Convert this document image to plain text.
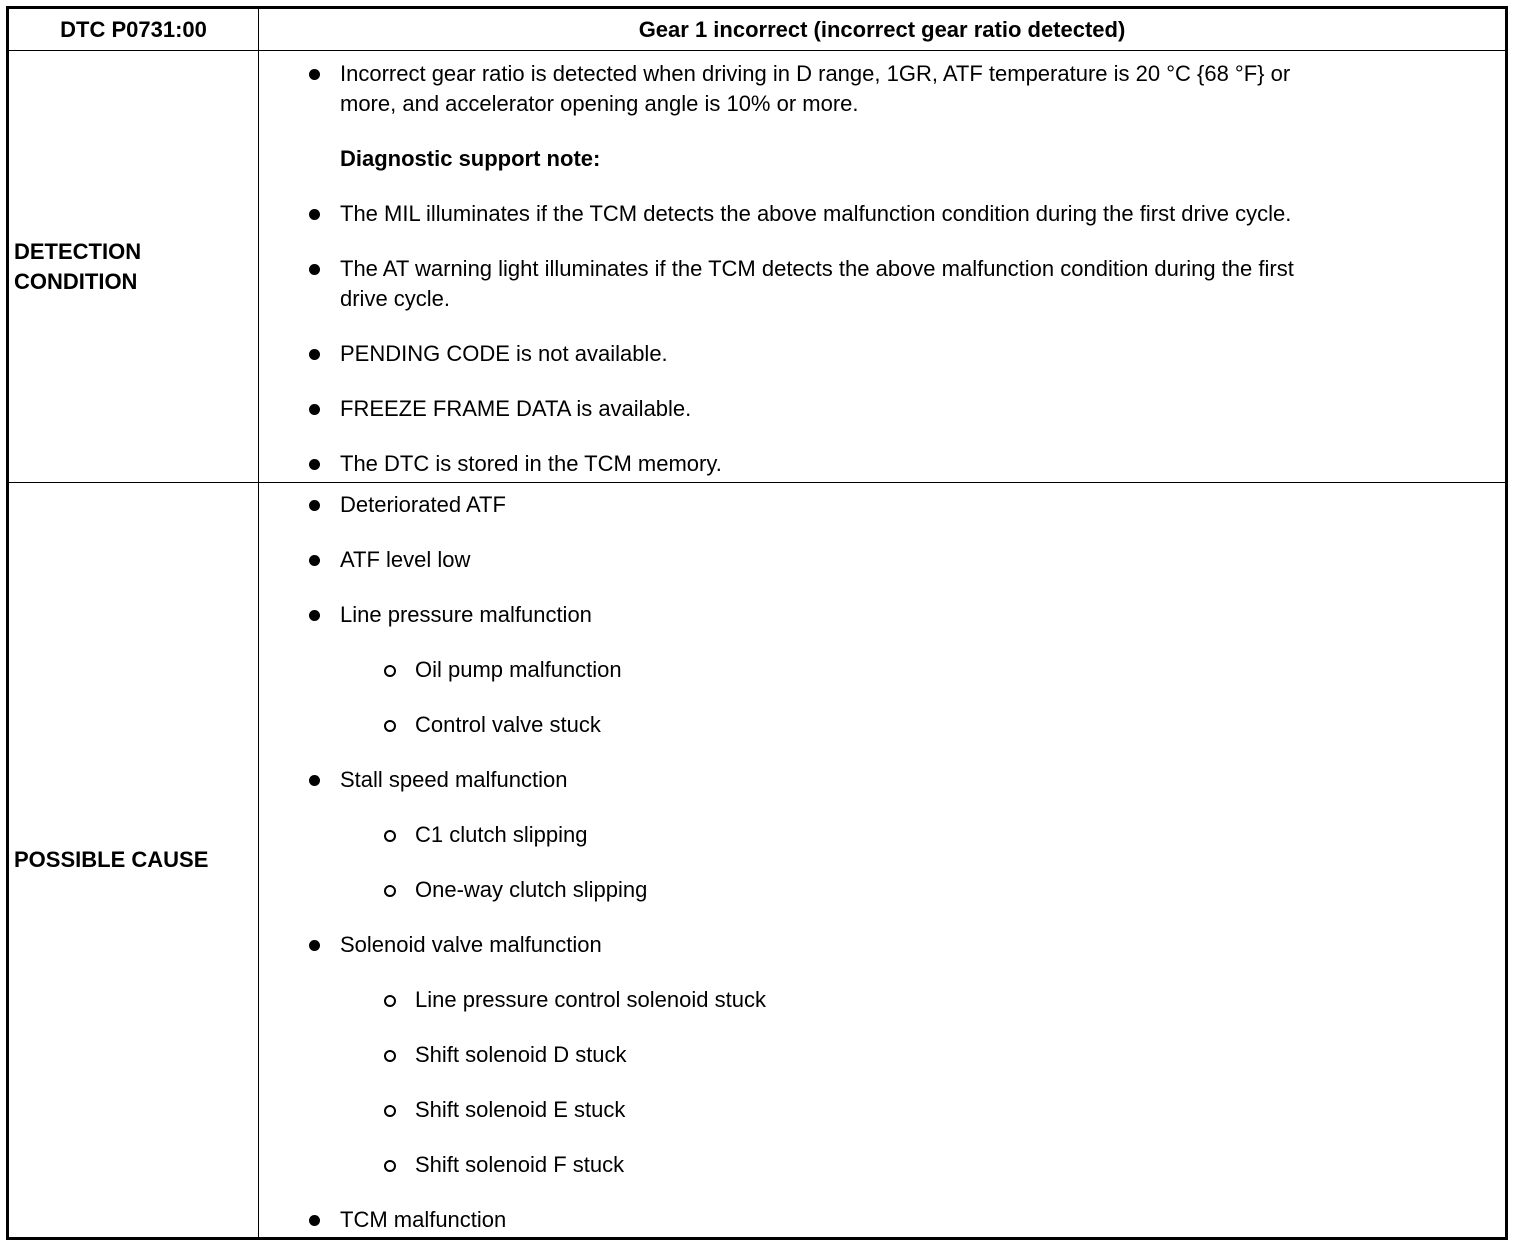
DTC P0731:00	Gear 1 incorrect (incorrect gear ratio detected)
DETECTION
CONDITION
Incorrect gear ratio is detected when driving in D range, 1GR, ATF temperature is 20 °C {68 °F} or
more, and accelerator opening angle is 10% or more.
Diagnostic support note:
The MIL illuminates if the TCM detects the above malfunction condition during the first drive cycle.
The AT warning light illuminates if the TCM detects the above malfunction condition during the first
drive cycle.
PENDING CODE is not available.
FREEZE FRAME DATA is available.
The DTC is stored in the TCM memory.
POSSIBLE CAUSE
Deteriorated ATF
ATF level low
Line pressure malfunction
Oil pump malfunction
Control valve stuck
Stall speed malfunction
C1 clutch slipping
One-way clutch slipping
Solenoid valve malfunction
Line pressure control solenoid stuck
Shift solenoid D stuck
Shift solenoid E stuck
Shift solenoid F stuck
TCM malfunction
